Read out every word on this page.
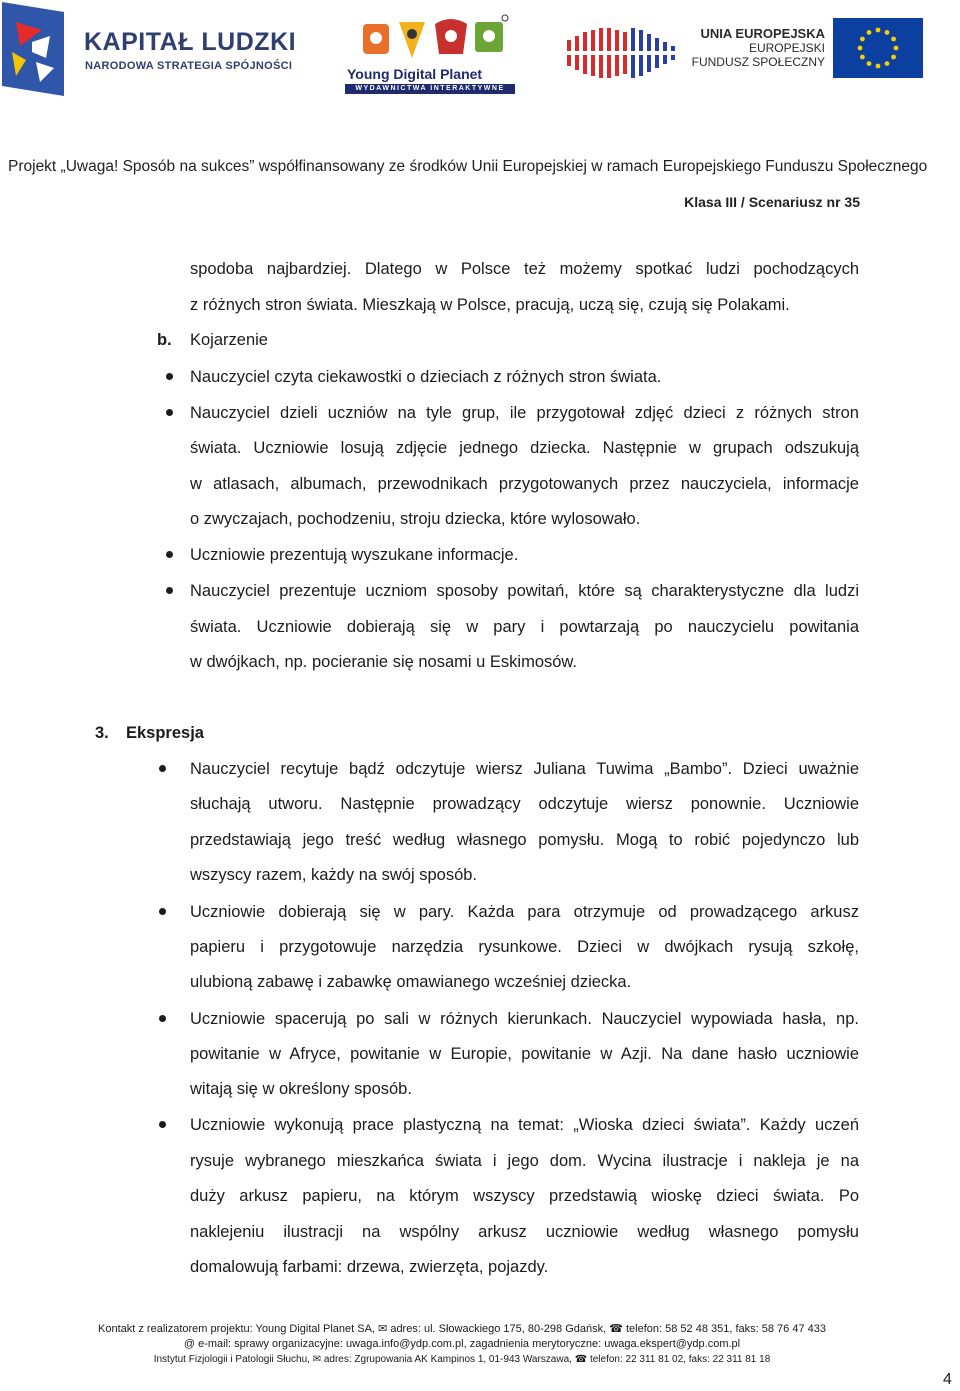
KAPITAŁ LUDZKI
NARODOWA STRATEGIA SPÓJNOŚCI	Young Digital Planet
WYDAWNICTWA INTERAKTYWNE
UNIA EUROPEJSKA
EUROPEJSKI
FUNDUSZ SPOŁECZNY
Projekt „Uwaga! Sposób na sukces” współfinansowany ze środków Unii Europejskiej w ramach Europejskiego Funduszu Społecznego
Klasa III / Scenariusz nr 35
spodoba najbardziej. Dlatego w Polsce też możemy spotkać ludzi pochodzących
z różnych stron świata. Mieszkają w Polsce, pracują, uczą się, czują się Polakami.
b. Kojarzenie
Nauczyciel czyta ciekawostki o dzieciach z różnych stron świata.
Nauczyciel dzieli uczniów na tyle grup, ile przygotował zdjęć dzieci z różnych stron
świata. Uczniowie losują zdjęcie jednego dziecka. Następnie w grupach odszukują
w atlasach, albumach, przewodnikach przygotowanych przez nauczyciela, informacje
o zwyczajach, pochodzeniu, stroju dziecka, które wylosowało.
Uczniowie prezentują wyszukane informacje.
Nauczyciel prezentuje uczniom sposoby powitań, które są charakterystyczne dla ludzi
świata. Uczniowie dobierają się w pary i powtarzają po nauczycielu powitania
w dwójkach, np. pocieranie się nosami u Eskimosów.
3. Ekspresja
Nauczyciel recytuje bądź odczytuje wiersz Juliana Tuwima „Bambo”. Dzieci uważnie
słuchają utworu. Następnie prowadzący odczytuje wiersz ponownie. Uczniowie
przedstawiają jego treść według własnego pomysłu. Mogą to robić pojedynczo lub
wszyscy razem, każdy na swój sposób.
Uczniowie dobierają się w pary. Każda para otrzymuje od prowadzącego arkusz
papieru i przygotowuje narzędzia rysunkowe. Dzieci w dwójkach rysują szkołę,
ulubioną zabawę i zabawkę omawianego wcześniej dziecka.
Uczniowie spacerują po sali w różnych kierunkach. Nauczyciel wypowiada hasła, np.
powitanie w Afryce, powitanie w Europie, powitanie w Azji. Na dane hasło uczniowie
witają się w określony sposób.
Uczniowie wykonują prace plastyczną na temat: „Wioska dzieci świata”. Każdy uczeń
rysuje wybranego mieszkańca świata i jego dom. Wycina ilustracje i nakleja je na
duży arkusz papieru, na którym wszyscy przedstawią wioskę dzieci świata. Po
naklejeniu ilustracji na wspólny arkusz uczniowie według własnego pomysłu
domalowują farbami: drzewa, zwierzęta, pojazdy.
Kontakt z realizatorem projektu: Young Digital Planet SA, ✉ adres: ul. Słowackiego 175, 80-298 Gdańsk, ☎ telefon: 58 52 48 351, faks: 58 76 47 433
@ e-mail: sprawy organizacyjne: uwaga.info@ydp.com.pl, zagadnienia merytoryczne: uwaga.ekspert@ydp.com.pl
Instytut Fizjologii i Patologii Słuchu, ✉ adres: Zgrupowania AK Kampinos 1, 01-943 Warszawa, ☎ telefon: 22 311 81 02, faks: 22 311 81 18
4
